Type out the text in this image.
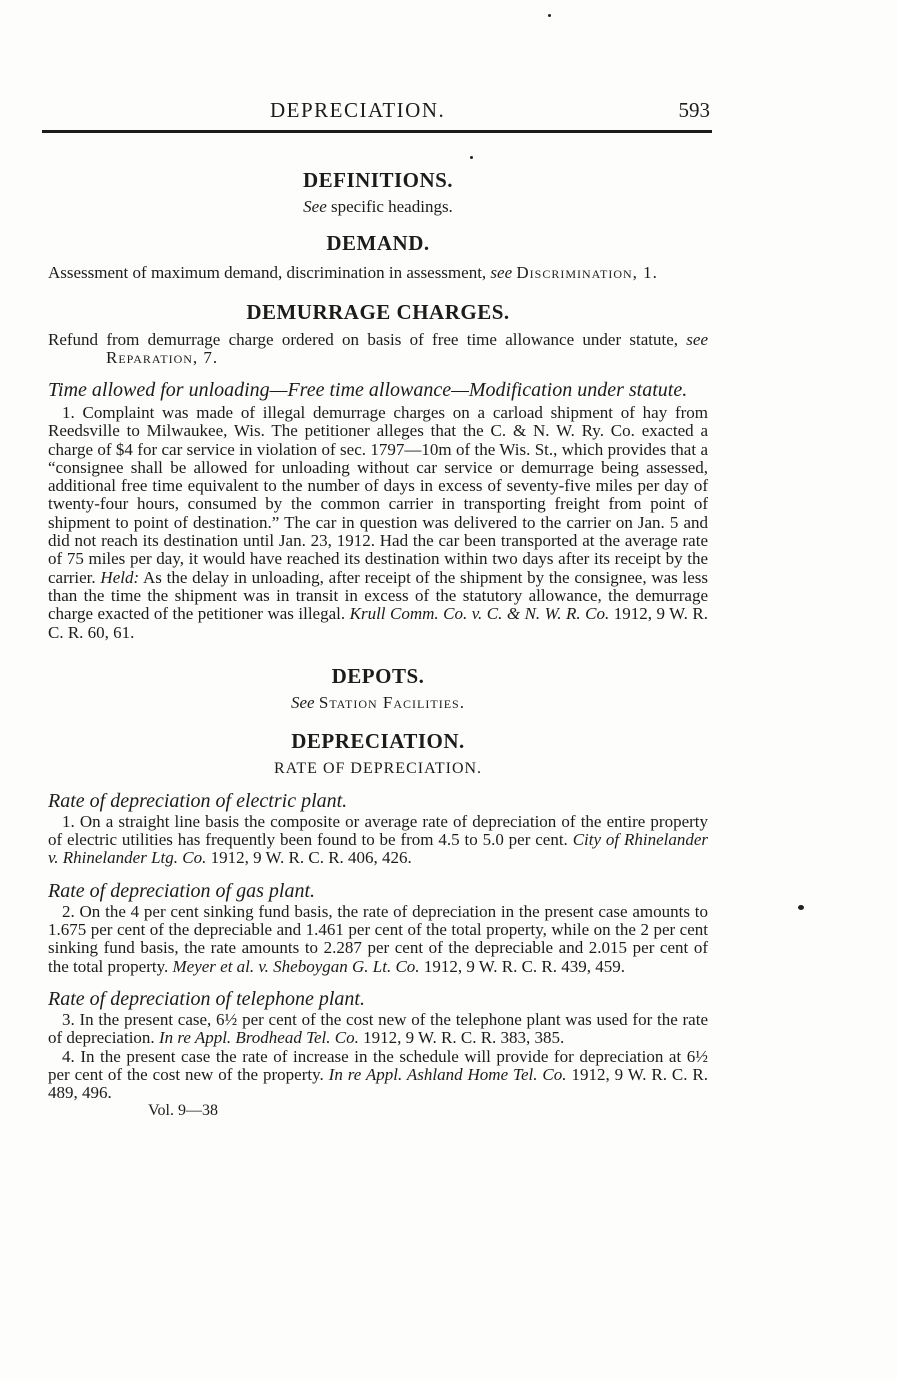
DEPRECIATION.	593
DEFINITIONS.

See specific headings.

DEMAND.

Assessment of maximum demand, discrimination in assessment, see Discrimination, 1.

DEMURRAGE CHARGES.

Refund from demurrage charge ordered on basis of free time allowance under statute, see Reparation, 7.

Time allowed for unloading—Free time allowance—Modification under statute.

1. Complaint was made of illegal demurrage charges on a carload shipment of hay from Reedsville to Milwaukee, Wis. The petitioner alleges that the C. & N. W. Ry. Co. exacted a charge of $4 for car service in violation of sec. 1797—10m of the Wis. St., which provides that a “consignee shall be allowed for unloading without car service or demurrage being assessed, additional free time equivalent to the number of days in excess of seventy-five miles per day of twenty-four hours, consumed by the common carrier in transporting freight from point of shipment to point of destination.” The car in question was delivered to the carrier on Jan. 5 and did not reach its destination until Jan. 23, 1912. Had the car been transported at the average rate of 75 miles per day, it would have reached its destination within two days after its receipt by the carrier. Held: As the delay in unloading, after receipt of the shipment by the consignee, was less than the time the shipment was in transit in excess of the statutory allowance, the demurrage charge exacted of the petitioner was illegal. Krull Comm. Co. v. C. & N. W. R. Co. 1912, 9 W. R. C. R. 60, 61.

DEPOTS.

See Station Facilities.

DEPRECIATION.

RATE OF DEPRECIATION.

Rate of depreciation of electric plant.

1. On a straight line basis the composite or average rate of depreciation of the entire property of electric utilities has frequently been found to be from 4.5 to 5.0 per cent. City of Rhinelander v. Rhinelander Ltg. Co. 1912, 9 W. R. C. R. 406, 426.

Rate of depreciation of gas plant.

2. On the 4 per cent sinking fund basis, the rate of depreciation in the present case amounts to 1.675 per cent of the depreciable and 1.461 per cent of the total property, while on the 2 per cent sinking fund basis, the rate amounts to 2.287 per cent of the depreciable and 2.015 per cent of the total property. Meyer et al. v. Sheboygan G. Lt. Co. 1912, 9 W. R. C. R. 439, 459.

Rate of depreciation of telephone plant.

3. In the present case, 6½ per cent of the cost new of the telephone plant was used for the rate of depreciation. In re Appl. Brodhead Tel. Co. 1912, 9 W. R. C. R. 383, 385.

4. In the present case the rate of increase in the schedule will provide for depreciation at 6½ per cent of the cost new of the property. In re Appl. Ashland Home Tel. Co. 1912, 9 W. R. C. R. 489, 496.

Vol. 9—38
